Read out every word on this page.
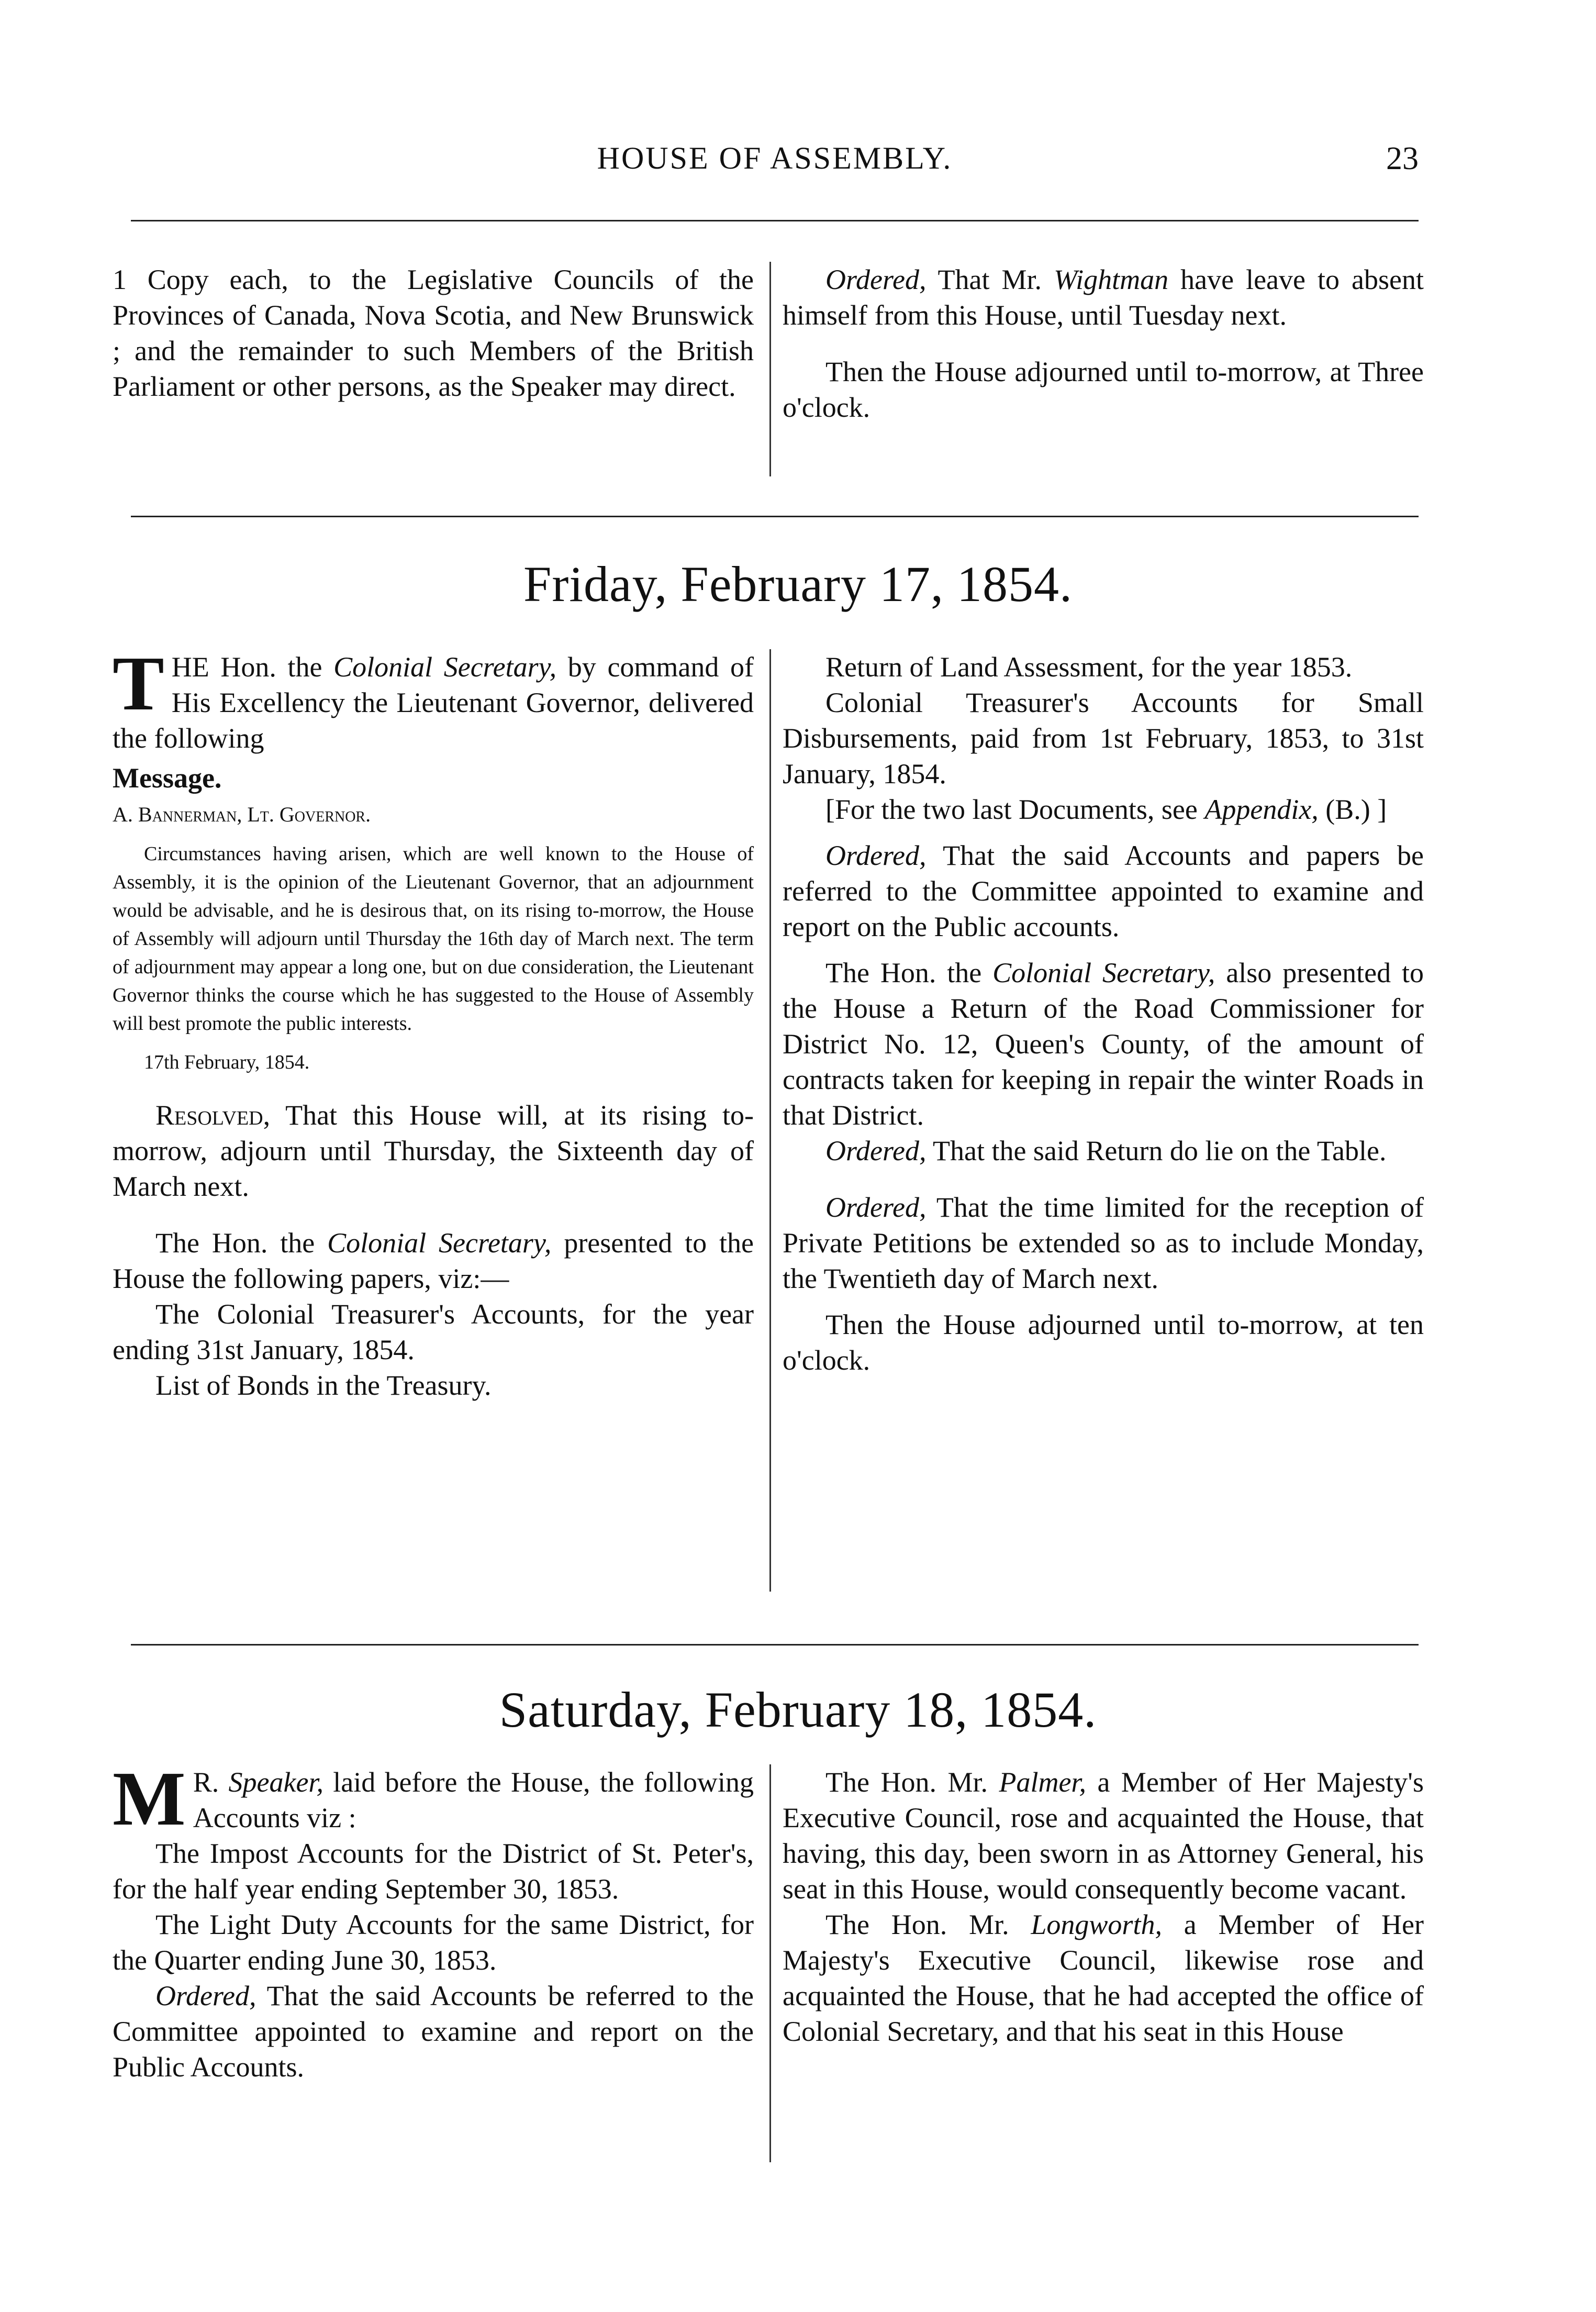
HOUSE OF ASSEMBLY.	23

1 Copy each, to the Legislative Councils of the Provinces of Canada, Nova Scotia, and New Brunswick ; and the remainder to such Members of the British Parliament or other persons, as the Speaker may direct.

Ordered, That Mr. Wightman have leave to absent himself from this House, until Tuesday next.

Then the House adjourned until to-morrow, at Three o'clock.

Friday, February 17, 1854.

THE Hon. the Colonial Secretary, by command of His Excellency the Lieutenant Governor, delivered the following

Message.

A. Bannerman, Lt. Governor.

Circumstances having arisen, which are well known to the House of Assembly, it is the opinion of the Lieutenant Governor, that an adjournment would be advisable, and he is desirous that, on its rising to-morrow, the House of Assembly will adjourn until Thursday the 16th day of March next. The term of adjournment may appear a long one, but on due consideration, the Lieutenant Governor thinks the course which he has suggested to the House of Assembly will best promote the public interests.

17th February, 1854.

Resolved, That this House will, at its rising to-morrow, adjourn until Thursday, the Sixteenth day of March next.

The Hon. the Colonial Secretary, presented to the House the following papers, viz:—

The Colonial Treasurer's Accounts, for the year ending 31st January, 1854.

List of Bonds in the Treasury.

Return of Land Assessment, for the year 1853.

Colonial Treasurer's Accounts for Small Disbursements, paid from 1st February, 1853, to 31st January, 1854.

[For the two last Documents, see Appendix, (B.) ]

Ordered, That the said Accounts and papers be referred to the Committee appointed to examine and report on the Public accounts.

The Hon. the Colonial Secretary, also presented to the House a Return of the Road Commissioner for District No. 12, Queen's County, of the amount of contracts taken for keeping in repair the winter Roads in that District.

Ordered, That the said Return do lie on the Table.

Ordered, That the time limited for the reception of Private Petitions be extended so as to include Monday, the Twentieth day of March next.

Then the House adjourned until to-morrow, at ten o'clock.

Saturday, February 18, 1854.

M R. Speaker, laid before the House, the following Accounts viz :

The Impost Accounts for the District of St. Peter's, for the half year ending September 30, 1853.

The Light Duty Accounts for the same District, for the Quarter ending June 30, 1853.

Ordered, That the said Accounts be referred to the Committee appointed to examine and report on the Public Accounts.

The Hon. Mr. Palmer, a Member of Her Majesty's Executive Council, rose and acquainted the House, that having, this day, been sworn in as Attorney General, his seat in this House, would consequently become vacant.

The Hon. Mr. Longworth, a Member of Her Majesty's Executive Council, likewise rose and acquainted the House, that he had accepted the office of Colonial Secretary, and that his seat in this House
